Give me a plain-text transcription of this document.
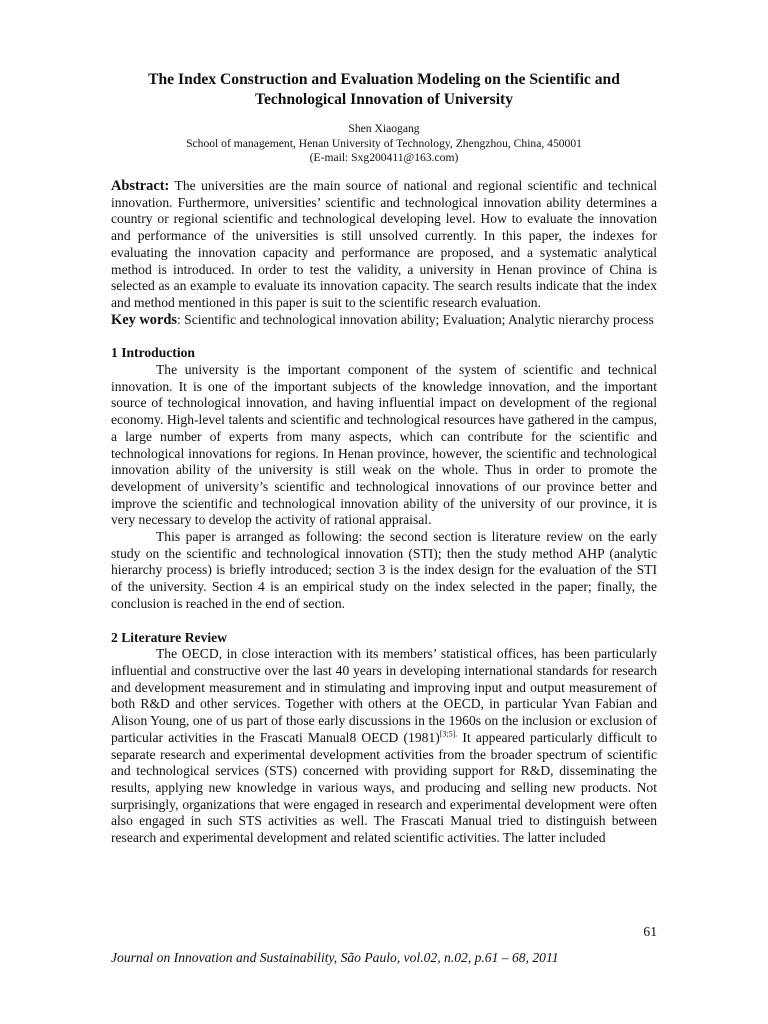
The Index Construction and Evaluation Modeling on the Scientific and
Technological Innovation of University
Shen Xiaogang
School of management, Henan University of Technology, Zhengzhou, China, 450001
(E-mail: Sxg200411@163.com)

Abstract: The universities are the main source of national and regional scientific and technical innovation. Furthermore, universities’ scientific and technological innovation ability determines a country or regional scientific and technological developing level. How to evaluate the innovation and performance of the universities is still unsolved currently. In this paper, the indexes for evaluating the innovation capacity and performance are proposed, and a systematic analytical method is introduced. In order to test the validity, a university in Henan province of China is selected as an example to evaluate its innovation capacity. The search results indicate that the index and method mentioned in this paper is suit to the scientific research evaluation.

Key words: Scientific and technological innovation ability; Evaluation; Analytic nierarchy process

1 Introduction

The university is the important component of the system of scientific and technical innovation. It is one of the important subjects of the knowledge innovation, and the important source of technological innovation, and having influential impact on development of the regional economy. High-level talents and scientific and technological resources have gathered in the campus, a large number of experts from many aspects, which can contribute for the scientific and technological innovations for regions. In Henan province, however, the scientific and technological innovation ability of the university is still weak on the whole. Thus in order to promote the development of university’s scientific and technological innovations of our province better and improve the scientific and technological innovation ability of the university of our province, it is very necessary to develop the activity of rational appraisal.

This paper is arranged as following: the second section is literature review on the early study on the scientific and technological innovation (STI); then the study method AHP (analytic hierarchy process) is briefly introduced; section 3 is the index design for the evaluation of the STI of the university. Section 4 is an empirical study on the index selected in the paper; finally, the conclusion is reached in the end of section.

2 Literature Review

The OECD, in close interaction with its members’ statistical offices, has been particularly influential and constructive over the last 40 years in developing international standards for research and development measurement and in stimulating and improving input and output measurement of both R&D and other services. Together with others at the OECD, in particular Yvan Fabian and Alison Young, one of us part of those early discussions in the 1960s on the inclusion or exclusion of particular activities in the Frascati Manual8 OECD $(1981)^{[3;5].}$ It appeared particularly difficult to separate research and experimental development activities from the broader spectrum of scientific and technological services (STS) concerned with providing support for R&D, disseminating the results, applying new knowledge in various ways, and producing and selling new products. Not surprisingly, organizations that were engaged in research and experimental development were often also engaged in such STS activities as well. The Frascati Manual tried to distinguish between research and experimental development and related scientific activities. The latter included

61
Journal on Innovation and Sustainability, São Paulo, vol.02, n.02, p.61 – 68, 2011
